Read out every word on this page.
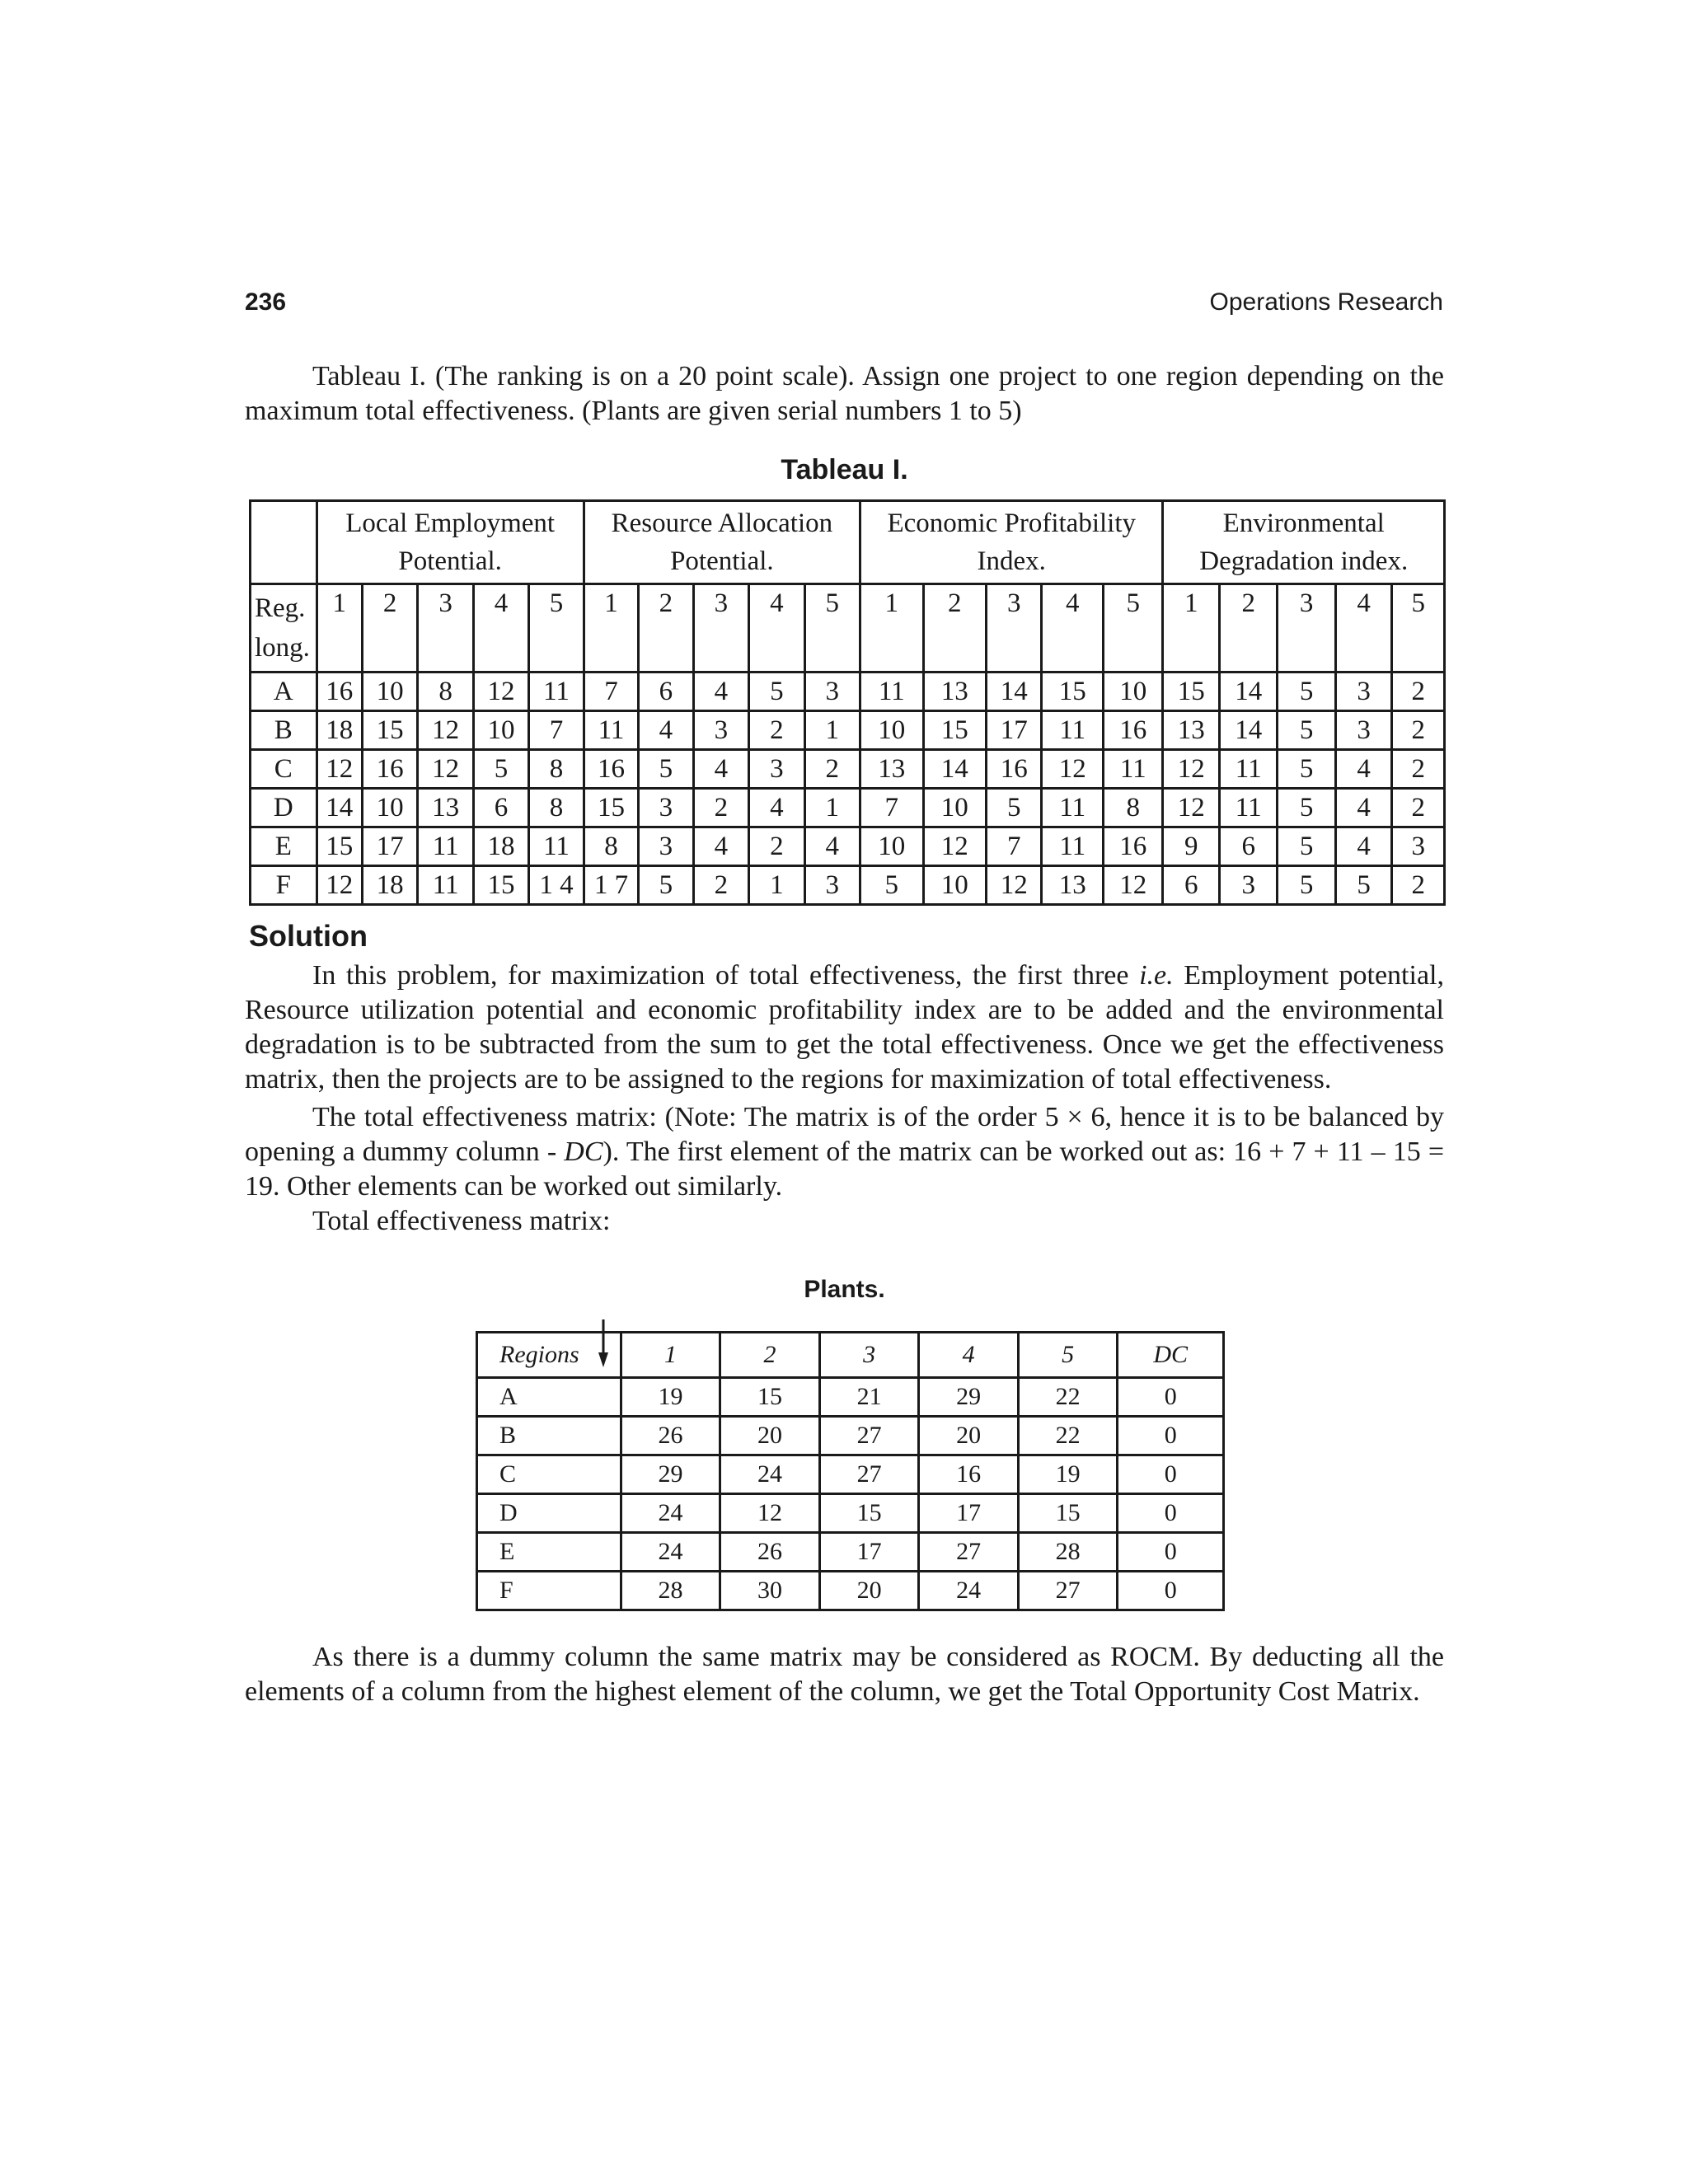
236	Operations Research

Tableau I. (The ranking is on a 20 point scale). Assign one project to one region depending on the maximum total effectiveness. (Plants are given serial numbers 1 to 5)

Tableau I.
	Local Employment Potential.					Resource Allocation Potential.					Economic Profitability Index.					Environmental Degradation index.				
Reg. long.	1	2	3	4	5	1	2	3	4	5	1	2	3	4	5	1	2	3	4	5
A	16	10	8	12	11	7	6	4	5	3	11	13	14	15	10	15	14	5	3	2
B	18	15	12	10	7	11	4	3	2	1	10	15	17	11	16	13	14	5	3	2
C	12	16	12	5	8	16	5	4	3	2	13	14	16	12	11	12	11	5	4	2
D	14	10	13	6	8	15	3	2	4	1	7	10	5	11	8	12	11	5	4	2
E	15	17	11	18	11	8	3	4	2	4	10	12	7	11	16	9	6	5	4	3
F	12	18	11	15	1 4	1 7	5	2	1	3	5	10	12	13	12	6	3	5	5	2
Solution

In this problem, for maximization of total effectiveness, the first three i.e. Employment potential, Resource utilization potential and economic profitability index are to be added and the environmental degradation is to be subtracted from the sum to get the total effectiveness. Once we get the effectiveness matrix, then the projects are to be assigned to the regions for maximization of total effectiveness.

The total effectiveness matrix: (Note: The matrix is of the order 5 × 6, hence it is to be balanced by opening a dummy column - DC). The first element of the matrix can be worked out as: 16 + 7 + 11 – 15 = 19. Other elements can be worked out similarly.

Total effectiveness matrix:

Plants.
Regions	1	2	3	4	5	DC
A	19	15	21	29	22	0
B	26	20	27	20	22	0
C	29	24	27	16	19	0
D	24	12	15	17	15	0
E	24	26	17	27	28	0
F	28	30	20	24	27	0

As there is a dummy column the same matrix may be considered as ROCM. By deducting all the elements of a column from the highest element of the column, we get the Total Opportunity Cost Matrix.
